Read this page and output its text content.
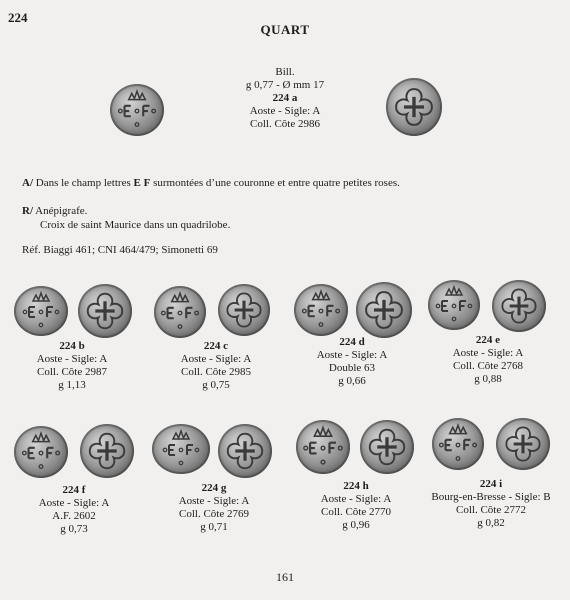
224
QUART
Bill.
g 0,77 - Ø mm 17
224 a
Aoste - Sigle: A
Coll. Côte 2986
A/ Dans le champ lettres E F surmontées d’une couronne et entre quatre petites roses.
R/ Anépigrafe.
Croix de saint Maurice dans un quadrilobe.
Réf. Biaggi 461; CNI 464/479; Simonetti 69
224 b
Aoste - Sigle: A
Coll. Côte 2987
g 1,13
224 c
Aoste - Sigle: A
Coll. Côte 2985
g 0,75
224 d
Aoste - Sigle: A
Double 63
g 0,66
224 e
Aoste - Sigle: A
Coll. Côte 2768
g 0,88
224 f
Aoste - Sigle: A
A.F. 2602
g 0,73
224 g
Aoste - Sigle: A
Coll. Côte 2769
g 0,71
224 h
Aoste - Sigle: A
Coll. Côte 2770
g 0,96
224 i
Bourg-en-Bresse - Sigle: B
Coll. Côte 2772
g 0,82
161
